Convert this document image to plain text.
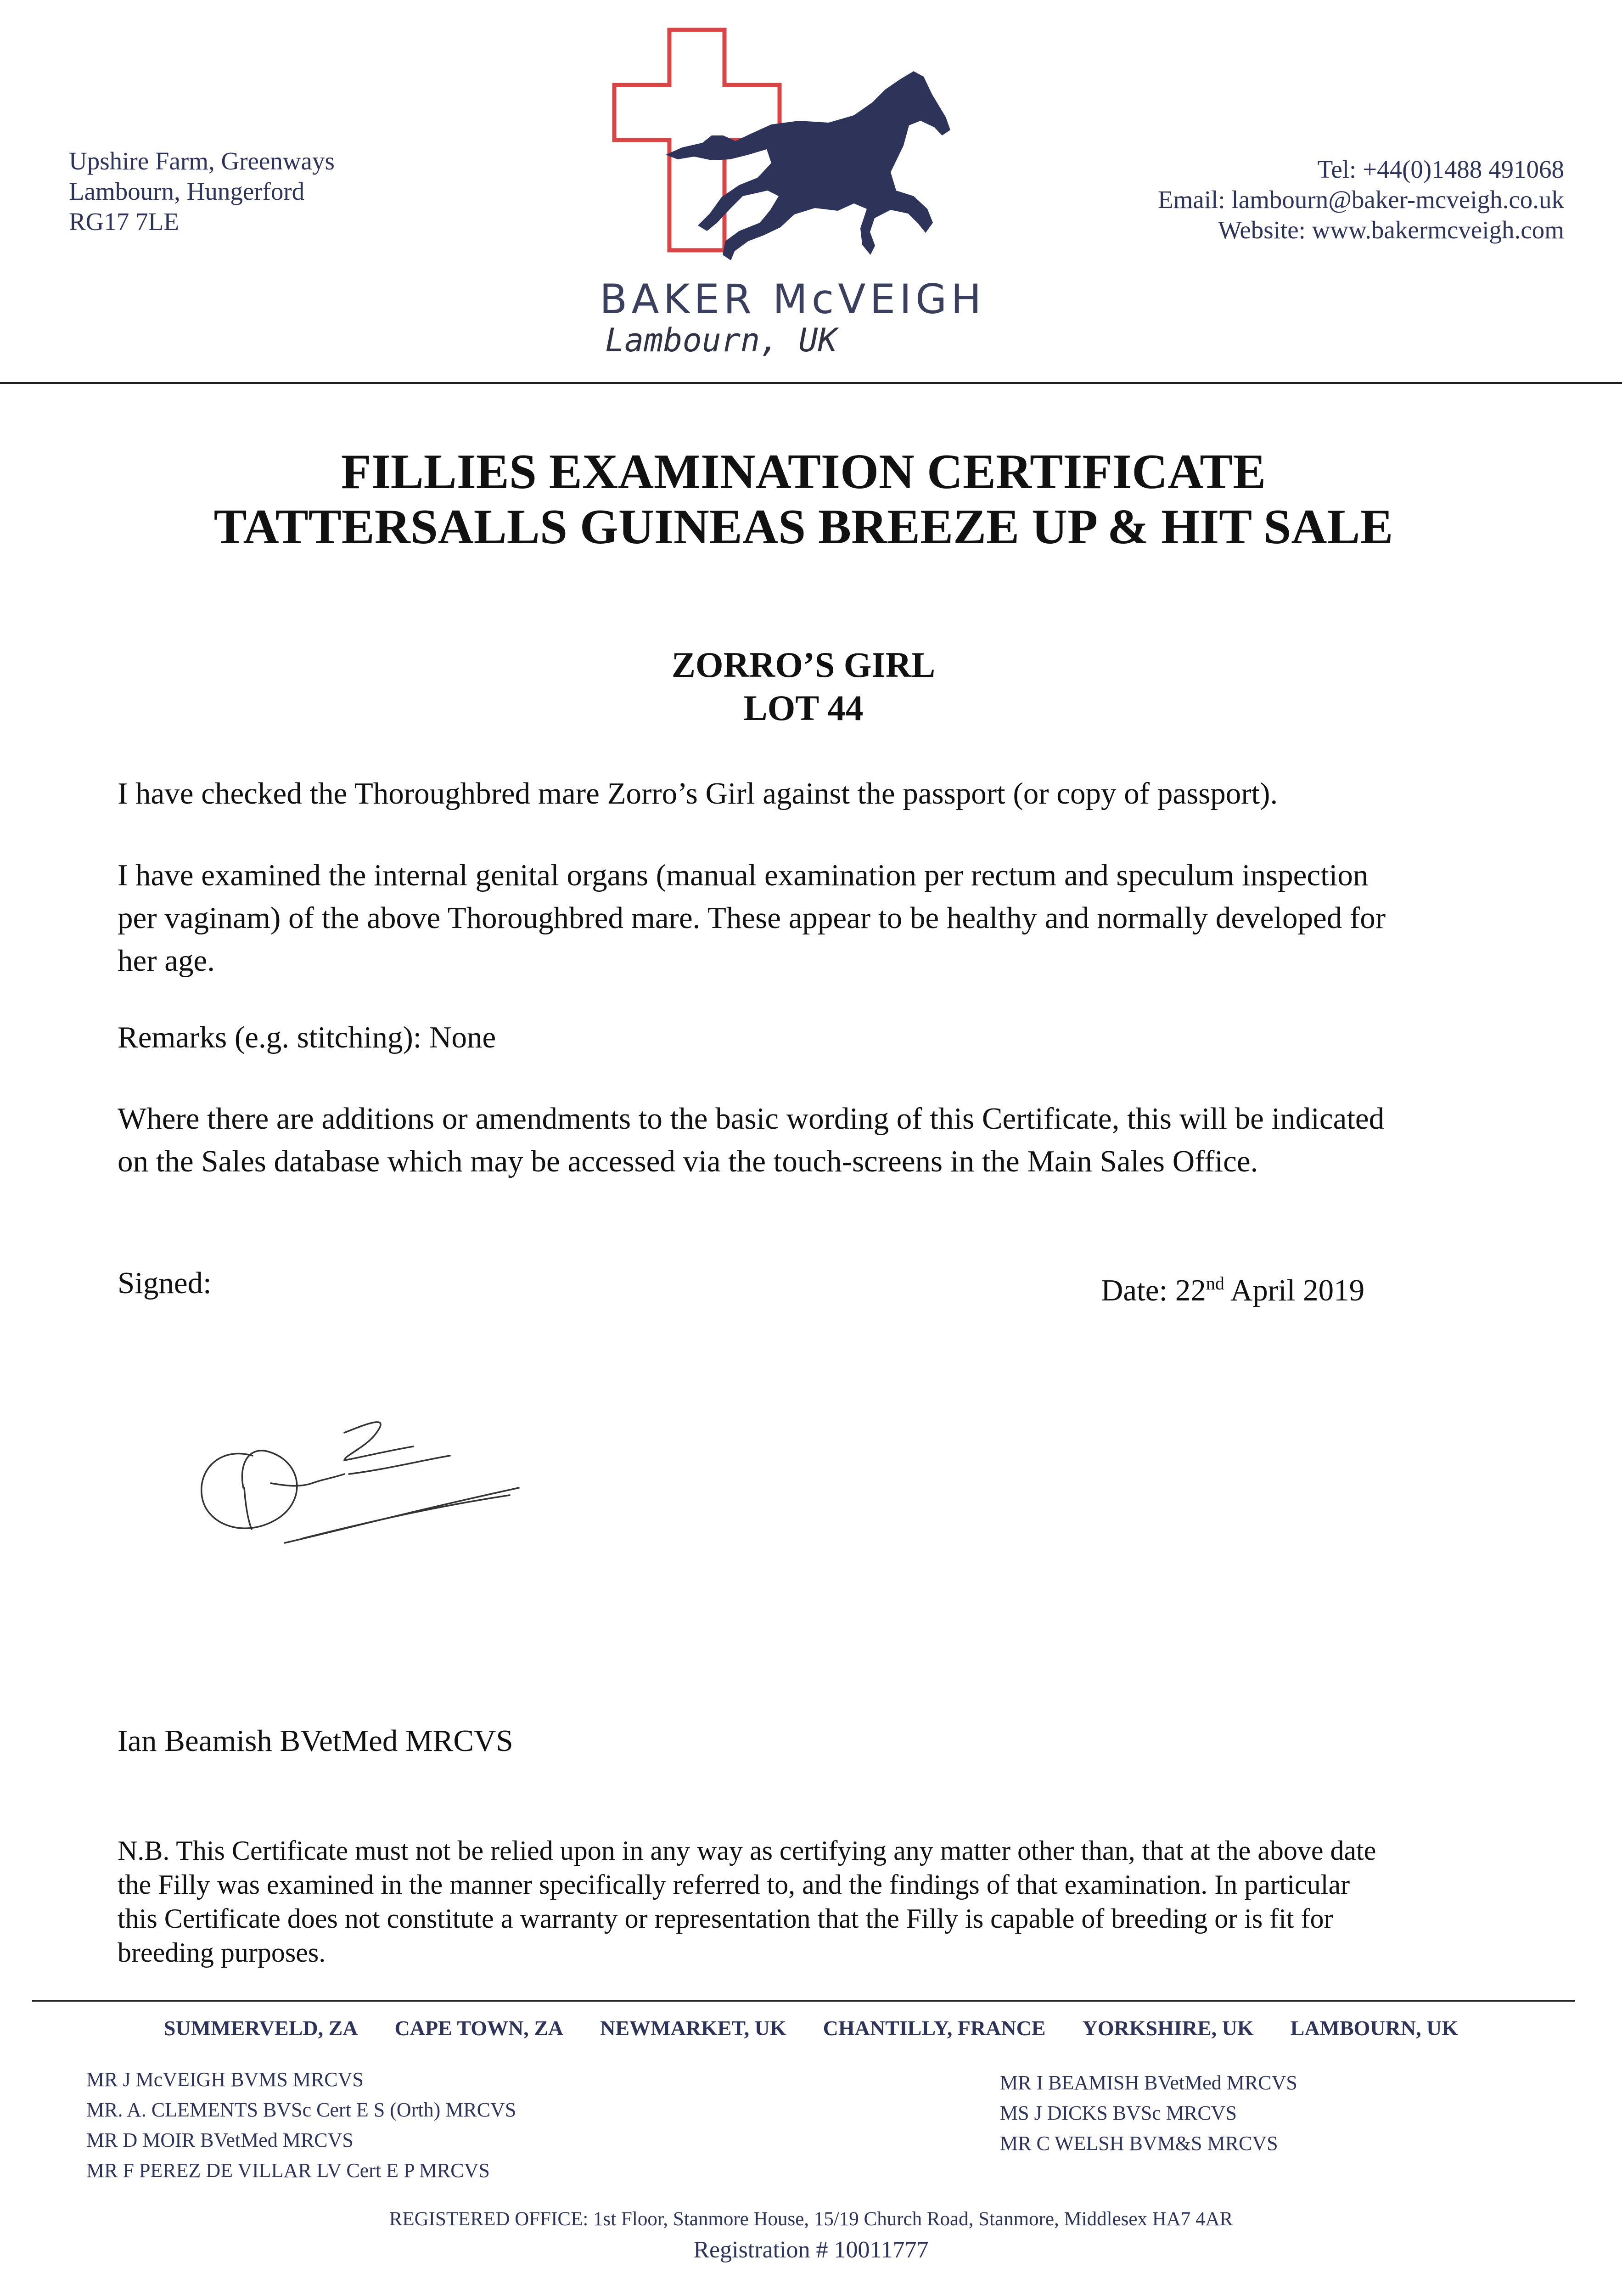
Upshire Farm, Greenways
Lambourn, Hungerford
RG17 7LE
BAKER McVEIGH
Lambourn, UK
Tel: +44(0)1488 491068
Email: lambourn@baker-mcveigh.co.uk
Website: www.bakermcveigh.com
FILLIES EXAMINATION CERTIFICATE
TATTERSALLS GUINEAS BREEZE UP & HIT SALE
ZORRO’S GIRL
LOT 44
I have checked the Thoroughbred mare Zorro’s Girl against the passport (or copy of passport).
I have examined the internal genital organs (manual examination per rectum and speculum inspection
per vaginam) of the above Thoroughbred mare. These appear to be healthy and normally developed for
her age.
Remarks (e.g. stitching): None
Where there are additions or amendments to the basic wording of this Certificate, this will be indicated
on the Sales database which may be accessed via the touch-screens in the Main Sales Office.
Signed:	Date: 22nd April 2019
Ian Beamish BVetMed MRCVS
N.B. This Certificate must not be relied upon in any way as certifying any matter other than, that at the above date
the Filly was examined in the manner specifically referred to, and the findings of that examination. In particular
this Certificate does not constitute a warranty or representation that the Filly is capable of breeding or is fit for
breeding purposes.
SUMMERVELD, ZA CAPE TOWN, ZA NEWMARKET, UK CHANTILLY, FRANCE YORKSHIRE, UK LAMBOURN, UK
MR J McVEIGH BVMS MRCVS
MR. A. CLEMENTS BVSc Cert E S (Orth) MRCVS
MR D MOIR BVetMed MRCVS
MR F PEREZ DE VILLAR LV Cert E P MRCVS
MR I BEAMISH BVetMed MRCVS
MS J DICKS BVSc MRCVS
MR C WELSH BVM&S MRCVS
REGISTERED OFFICE: 1st Floor, Stanmore House, 15/19 Church Road, Stanmore, Middlesex HA7 4AR
Registration # 10011777
